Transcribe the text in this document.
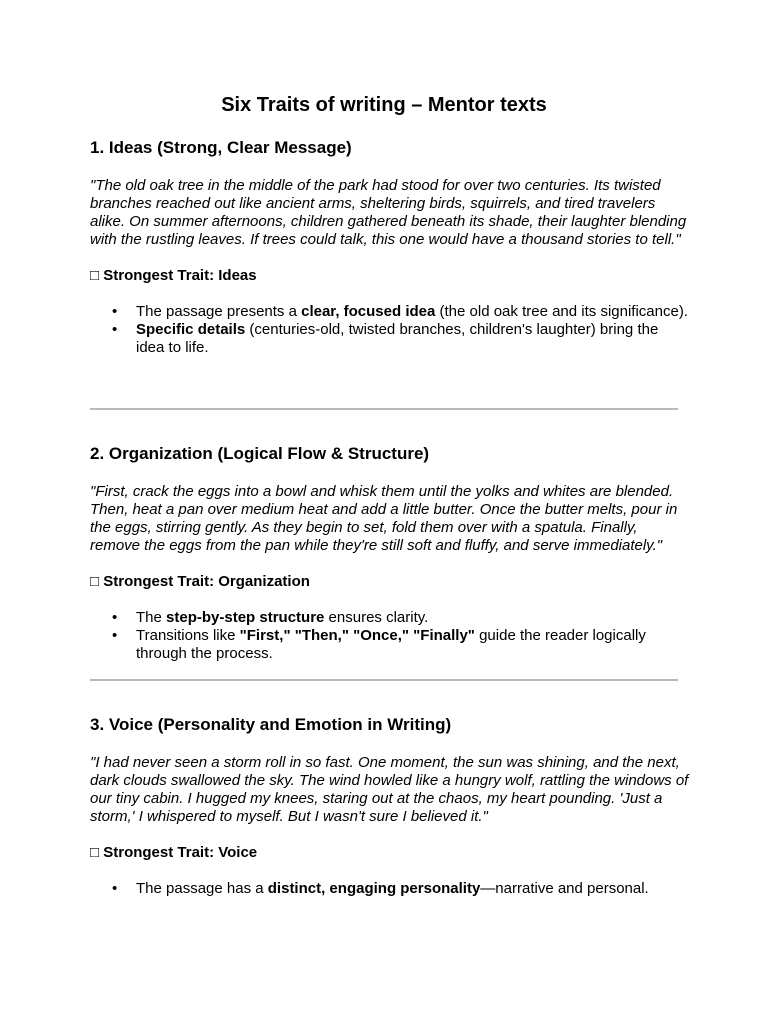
Six Traits of writing – Mentor texts
1. Ideas (Strong, Clear Message)

"The old oak tree in the middle of the park had stood for over two centuries. Its twisted branches reached out like ancient arms, sheltering birds, squirrels, and tired travelers alike. On summer afternoons, children gathered beneath its shade, their laughter blending with the rustling leaves. If trees could talk, this one would have a thousand stories to tell."

□ Strongest Trait: Ideas

• The passage presents a clear, focused idea (the old oak tree and its significance).
• Specific details (centuries-old, twisted branches, children's laughter) bring the idea to life.
2. Organization (Logical Flow & Structure)

"First, crack the eggs into a bowl and whisk them until the yolks and whites are blended. Then, heat a pan over medium heat and add a little butter. Once the butter melts, pour in the eggs, stirring gently. As they begin to set, fold them over with a spatula. Finally, remove the eggs from the pan while they're still soft and fluffy, and serve immediately."

□ Strongest Trait: Organization

• The step-by-step structure ensures clarity.
• Transitions like "First," "Then," "Once," "Finally" guide the reader logically through the process.
3. Voice (Personality and Emotion in Writing)

"I had never seen a storm roll in so fast. One moment, the sun was shining, and the next, dark clouds swallowed the sky. The wind howled like a hungry wolf, rattling the windows of our tiny cabin. I hugged my knees, staring out at the chaos, my heart pounding. 'Just a storm,' I whispered to myself. But I wasn't sure I believed it."

□ Strongest Trait: Voice

• The passage has a distinct, engaging personality—narrative and personal.
